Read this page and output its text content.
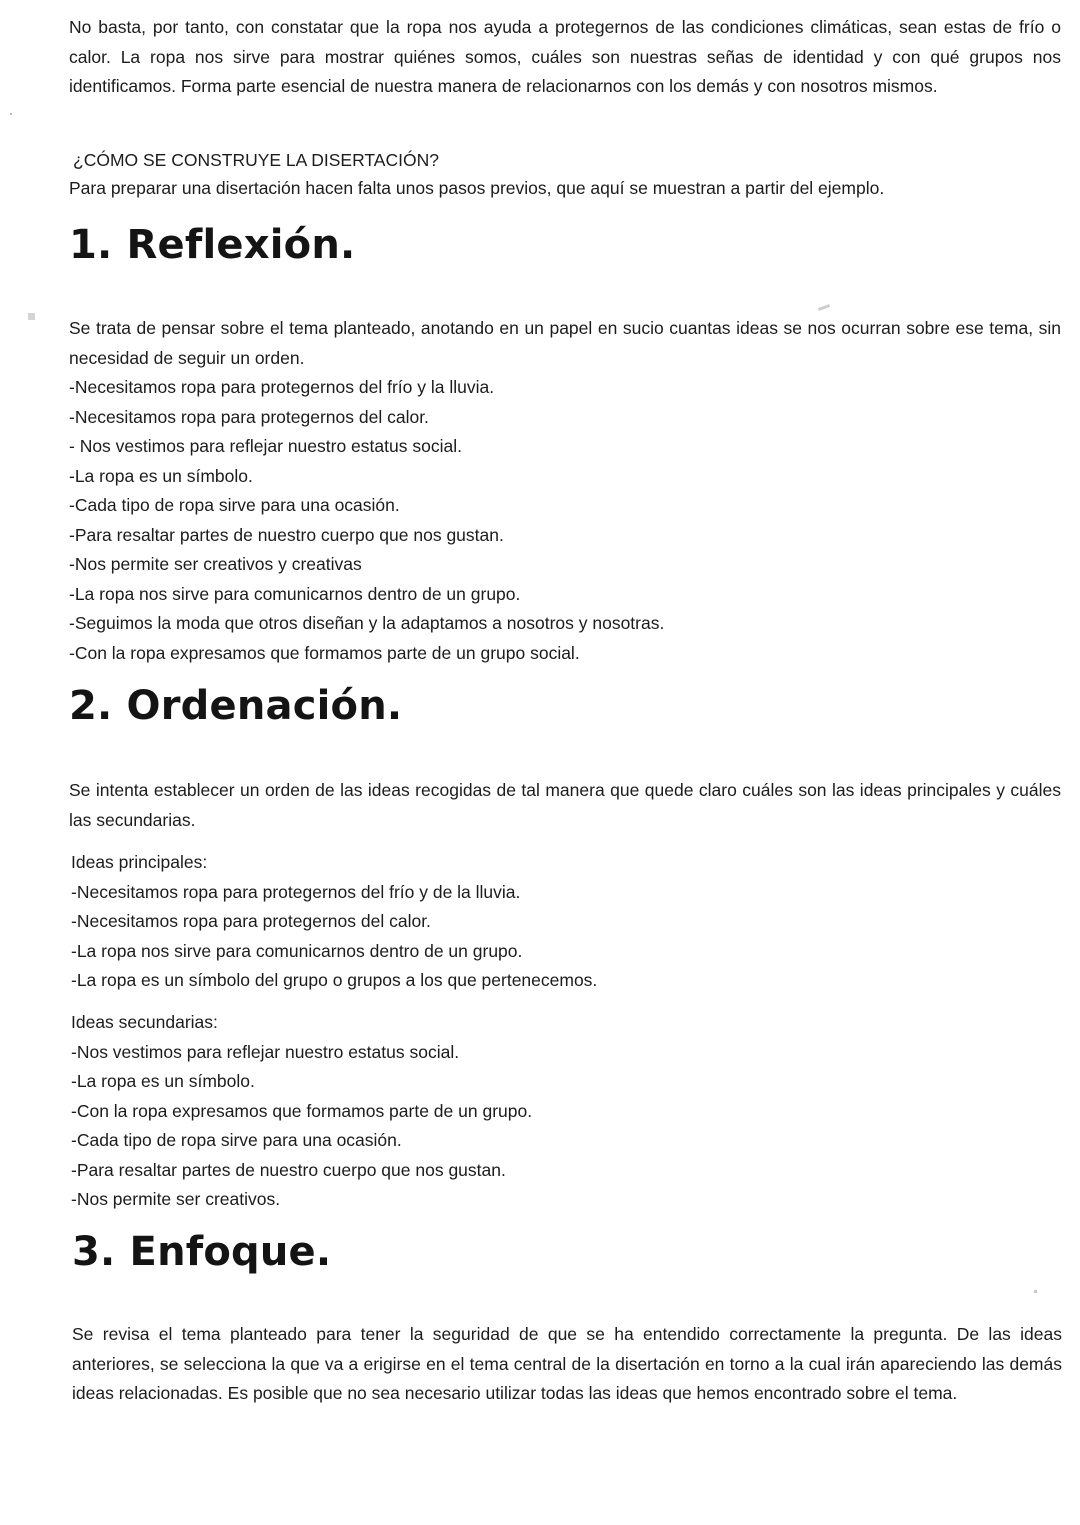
No basta, por tanto, con constatar que la ropa nos ayuda a protegernos de las condiciones climáticas, sean estas de frío o calor. La ropa nos sirve para mostrar quiénes somos, cuáles son nuestras señas de identidad y con qué grupos nos identificamos. Forma parte esencial de nuestra manera de relacionarnos con los demás y con nosotros mismos.
¿CÓMO SE CONSTRUYE LA DISERTACIÓN?
Para preparar una disertación hacen falta unos pasos previos, que aquí se muestran a partir del ejemplo.
1. Reflexión.
Se trata de pensar sobre el tema planteado, anotando en un papel en sucio cuantas ideas se nos ocurran sobre ese tema, sin necesidad de seguir un orden.
-Necesitamos ropa para protegernos del frío y la lluvia.
-Necesitamos ropa para protegernos del calor.
- Nos vestimos para reflejar nuestro estatus social.
-La ropa es un símbolo.
-Cada tipo de ropa sirve para una ocasión.
-Para resaltar partes de nuestro cuerpo que nos gustan.
-Nos permite ser creativos y creativas
-La ropa nos sirve para comunicarnos dentro de un grupo.
-Seguimos la moda que otros diseñan y la adaptamos a nosotros y nosotras.
-Con la ropa expresamos que formamos parte de un grupo social.
2. Ordenación.
Se intenta establecer un orden de las ideas recogidas de tal manera que quede claro cuáles son las ideas principales y cuáles las secundarias.
Ideas principales:
-Necesitamos ropa para protegernos del frío y de la lluvia.
-Necesitamos ropa para protegernos del calor.
-La ropa nos sirve para comunicarnos dentro de un grupo.
-La ropa es un símbolo del grupo o grupos a los que pertenecemos.
Ideas secundarias:
-Nos vestimos para reflejar nuestro estatus social.
-La ropa es un símbolo.
-Con la ropa expresamos que formamos parte de un grupo.
-Cada tipo de ropa sirve para una ocasión.
-Para resaltar partes de nuestro cuerpo que nos gustan.
-Nos permite ser creativos.
3. Enfoque.
Se revisa el tema planteado para tener la seguridad de que se ha entendido correctamente la pregunta. De las ideas anteriores, se selecciona la que va a erigirse en el tema central de la disertación en torno a la cual irán apareciendo las demás ideas relacionadas. Es posible que no sea necesario utilizar todas las ideas que hemos encontrado sobre el tema.
